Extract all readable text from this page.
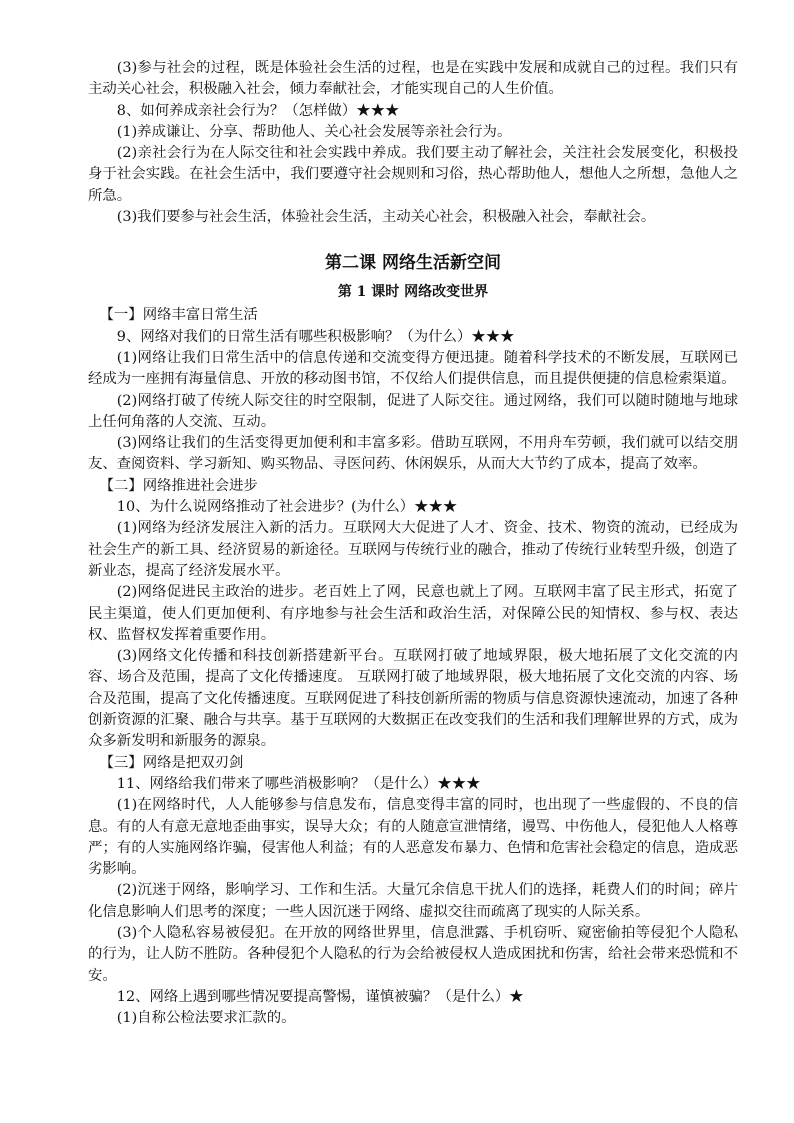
(3)参与社会的过程，既是体验社会生活的过程，也是在实践中发展和成就自己的过程。我们只有主动关心社会，积极融入社会，倾力奉献社会，才能实现自己的人生价值。

8、如何养成亲社会行为？（怎样做）★★★

(1)养成谦让、分享、帮助他人、关心社会发展等亲社会行为。

(2)亲社会行为在人际交往和社会实践中养成。我们要主动了解社会，关注社会发展变化，积极投身于社会实践。在社会生活中，我们要遵守社会规则和习俗，热心帮助他人，想他人之所想，急他人之所急。

(3)我们要参与社会生活，体验社会生活，主动关心社会，积极融入社会，奉献社会。

第二课 网络生活新空间

第 1 课时 网络改变世界

【一】网络丰富日常生活

9、网络对我们的日常生活有哪些积极影响？（为什么）★★★

(1)网络让我们日常生活中的信息传递和交流变得方便迅捷。随着科学技术的不断发展，互联网已经成为一座拥有海量信息、开放的移动图书馆，不仅给人们提供信息，而且提供便捷的信息检索渠道。

(2)网络打破了传统人际交往的时空限制，促进了人际交往。通过网络，我们可以随时随地与地球上任何角落的人交流、互动。

(3)网络让我们的生活变得更加便利和丰富多彩。借助互联网，不用舟车劳顿，我们就可以结交朋友、查阅资料、学习新知、购买物品、寻医问药、休闲娱乐，从而大大节约了成本，提高了效率。

【二】网络推进社会进步

10、为什么说网络推动了社会进步？(为什么）★★★

(1)网络为经济发展注入新的活力。互联网大大促进了人才、资金、技术、物资的流动，已经成为社会生产的新工具、经济贸易的新途径。互联网与传统行业的融合，推动了传统行业转型升级，创造了新业态，提高了经济发展水平。

(2)网络促进民主政治的进步。老百姓上了网，民意也就上了网。互联网丰富了民主形式，拓宽了民主渠道，使人们更加便利、有序地参与社会生活和政治生活，对保障公民的知情权、参与权、表达权、监督权发挥着重要作用。

(3)网络文化传播和科技创新搭建新平台。互联网打破了地域界限，极大地拓展了文化交流的内容、场合及范围，提高了文化传播速度。 互联网打破了地域界限，极大地拓展了文化交流的内容、场合及范围，提高了文化传播速度。互联网促进了科技创新所需的物质与信息资源快速流动，加速了各种创新资源的汇聚、融合与共享。基于互联网的大数据正在改变我们的生活和我们理解世界的方式，成为众多新发明和新服务的源泉。

【三】网络是把双刃剑

11、网络给我们带来了哪些消极影响？（是什么）★★★

(1)在网络时代，人人能够参与信息发布，信息变得丰富的同时，也出现了一些虚假的、不良的信息。有的人有意无意地歪曲事实，误导大众；有的人随意宣泄情绪，谩骂、中伤他人，侵犯他人人格尊严；有的人实施网络诈骗，侵害他人利益；有的人恶意发布暴力、色情和危害社会稳定的信息，造成恶劣影响。

(2)沉迷于网络，影响学习、工作和生活。大量冗余信息干扰人们的选择，耗费人们的时间；碎片化信息影响人们思考的深度；一些人因沉迷于网络、虚拟交往而疏离了现实的人际关系。

(3)个人隐私容易被侵犯。在开放的网络世界里，信息泄露、手机窃听、窥密偷拍等侵犯个人隐私的行为，让人防不胜防。各种侵犯个人隐私的行为会给被侵权人造成困扰和伤害，给社会带来恐慌和不安。

12、网络上遇到哪些情况要提高警惕，谨慎被骗？（是什么）★

(1)自称公检法要求汇款的。
